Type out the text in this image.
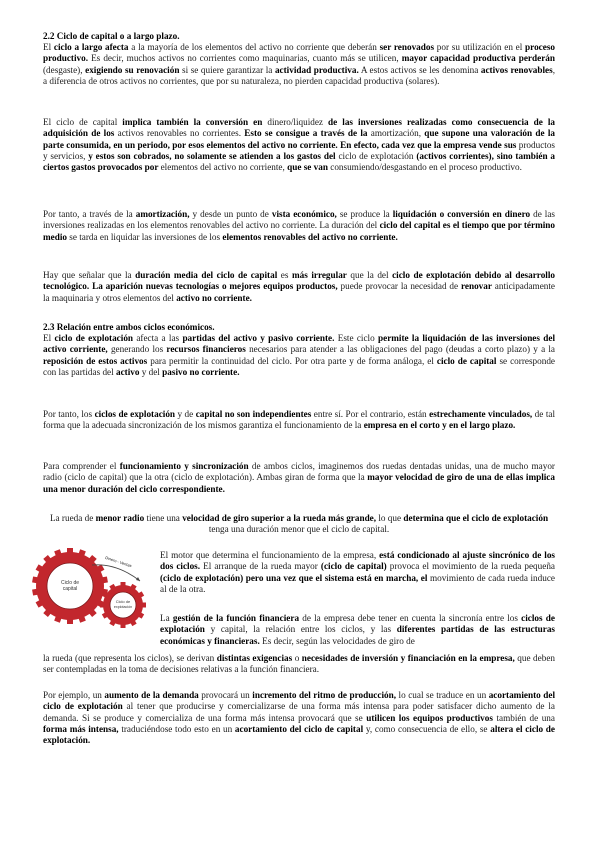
2.2 Ciclo de capital o a largo plazo.

El ciclo a largo afecta a la mayoría de los elementos del activo no corriente que deberán ser renovados por su utilización en el proceso productivo. Es decir, muchos activos no corrientes como maquinarias, cuanto más se utilicen, mayor capacidad productiva perderán (desgaste), exigiendo su renovación si se quiere garantizar la actividad productiva. A estos activos se les denomina activos renovables, a diferencia de otros activos no corrientes, que por su naturaleza, no pierden capacidad productiva (solares).

El ciclo de capital implica también la conversión en dinero/liquidez de las inversiones realizadas como consecuencia de la adquisición de los activos renovables no corrientes. Esto se consigue a través de la amortización, que supone una valoración de la parte consumida, en un periodo, por esos elementos del activo no corriente. En efecto, cada vez que la empresa vende sus productos y servicios, y estos son cobrados, no solamente se atienden a los gastos del ciclo de explotación (activos corrientes), sino también a ciertos gastos provocados por elementos del activo no corriente, que se van consumiendo/desgastando en el proceso productivo.

Por tanto, a través de la amortización, y desde un punto de vista económico, se produce la liquidación o conversión en dinero de las inversiones realizadas en los elementos renovables del activo no corriente. La duración del ciclo del capital es el tiempo que por término medio se tarda en liquidar las inversiones de los elementos renovables del activo no corriente.

Hay que señalar que la duración media del ciclo de capital es más irregular que la del ciclo de explotación debido al desarrollo tecnológico. La aparición nuevas tecnologías o mejores equipos productos, puede provocar la necesidad de renovar anticipadamente la maquinaria y otros elementos del activo no corriente.

2.3 Relación entre ambos ciclos económicos.

El ciclo de explotación afecta a las partidas del activo y pasivo corriente. Este ciclo permite la liquidación de las inversiones del activo corriente, generando los recursos financieros necesarios para atender a las obligaciones del pago (deudas a corto plazo) y a la reposición de estos activos para permitir la continuidad del ciclo. Por otra parte y de forma análoga, el ciclo de capital se corresponde con las partidas del activo y del pasivo no corriente.

Por tanto, los ciclos de explotación y de capital no son independientes entre sí. Por el contrario, están estrechamente vinculados, de tal forma que la adecuada sincronización de los mismos garantiza el funcionamiento de la empresa en el corto y en el largo plazo.

Para comprender el funcionamiento y sincronización de ambos ciclos, imaginemos dos ruedas dentadas unidas, una de mucho mayor radio (ciclo de capital) que la otra (ciclo de explotación). Ambas giran de forma que la mayor velocidad de giro de una de ellas implica una menor duración del ciclo correspondiente.

La rueda de menor radio tiene una velocidad de giro superior a la rueda más grande, lo que determina que el ciclo de explotación tenga una duración menor que el ciclo de capital.

Ciclo de
capital
Ciclo de
explotación
Dinero - Ventas	El motor que determina el funcionamiento de la empresa, está condicionado al ajuste sincrónico de los dos ciclos. El arranque de la rueda mayor (ciclo de capital) provoca el movimiento de la rueda pequeña (ciclo de explotación) pero una vez que el sistema está en marcha, el movimiento de cada rueda induce al de la otra.

La gestión de la función financiera de la empresa debe tener en cuenta la sincronía entre los ciclos de explotación y capital, la relación entre los ciclos, y las diferentes partidas de las estructuras económicas y financieras. Es decir, según las velocidades de giro de

la rueda (que representa los ciclos), se derivan distintas exigencias o necesidades de inversión y financiación en la empresa, que deben ser contempladas en la toma de decisiones relativas a la función financiera.

Por ejemplo, un aumento de la demanda provocará un incremento del ritmo de producción, lo cual se traduce en un acortamiento del ciclo de explotación al tener que producirse y comercializarse de una forma más intensa para poder satisfacer dicho aumento de la demanda. Si se produce y comercializa de una forma más intensa provocará que se utilicen los equipos productivos también de una forma más intensa, traduciéndose todo esto en un acortamiento del ciclo de capital y, como consecuencia de ello, se altera el ciclo de explotación.
